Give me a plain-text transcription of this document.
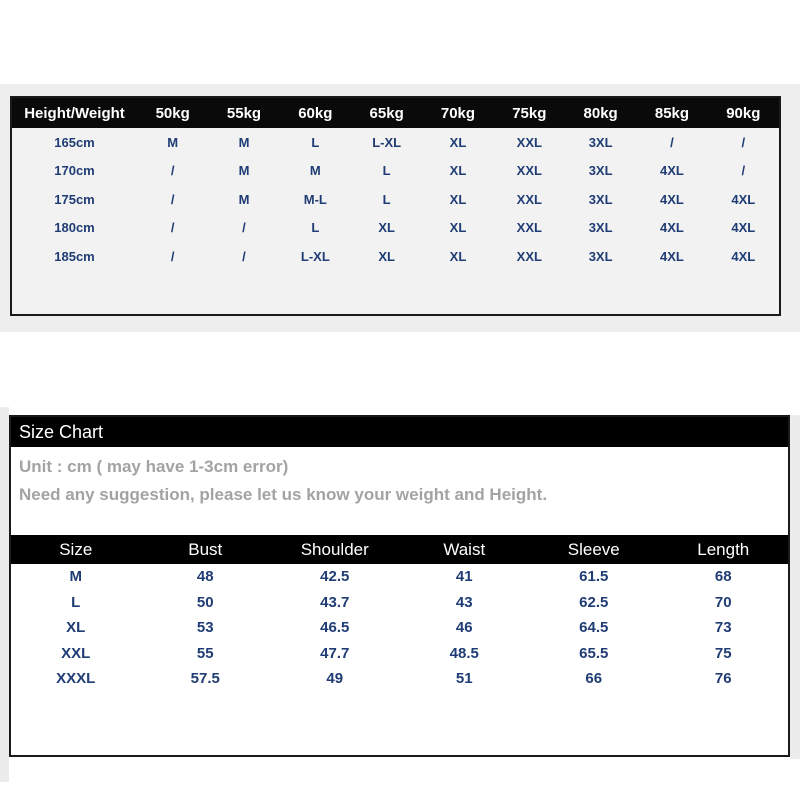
Height/Weight	50kg	55kg	60kg	65kg	70kg	75kg	80kg	85kg	90kg
165cm	M	M	L	L-XL	XL	XXL	3XL	/	/
170cm	/	M	M	L	XL	XXL	3XL	4XL	/
175cm	/	M	M-L	L	XL	XXL	3XL	4XL	4XL
180cm	/	/	L	XL	XL	XXL	3XL	4XL	4XL
185cm	/	/	L-XL	XL	XL	XXL	3XL	4XL	4XL
Size Chart
Unit : cm ( may have 1-3cm error)
Need any suggestion, please let us know your weight and Height.
Size	Bust	Shoulder	Waist	Sleeve	Length
M	48	42.5	41	61.5	68
L	50	43.7	43	62.5	70
XL	53	46.5	46	64.5	73
XXL	55	47.7	48.5	65.5	75
XXXL	57.5	49	51	66	76
